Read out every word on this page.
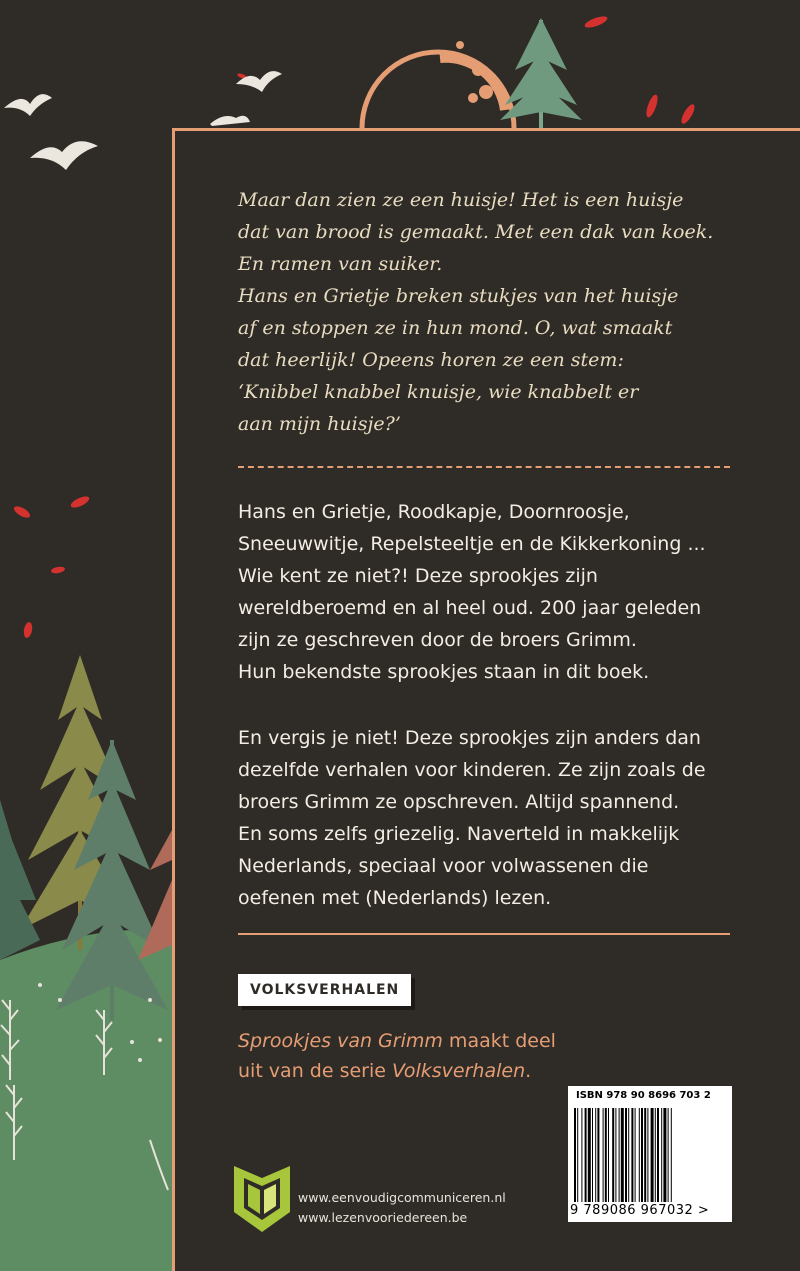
Maar dan zien ze een huisje! Het is een huisje
dat van brood is gemaakt. Met een dak van koek.
En ramen van suiker.
Hans en Grietje breken stukjes van het huisje
af en stoppen ze in hun mond. O, wat smaakt
dat heerlijk! Opeens horen ze een stem:
‘Knibbel knabbel knuisje, wie knabbelt er
aan mijn huisje?’
Hans en Grietje, Roodkapje, Doornroosje,
Sneeuwwitje, Repelsteeltje en de Kikkerkoning ...
Wie kent ze niet?! Deze sprookjes zijn
wereldberoemd en al heel oud. 200 jaar geleden
zijn ze geschreven door de broers Grimm.
Hun bekendste sprookjes staan in dit boek.
En vergis je niet! Deze sprookjes zijn anders dan
dezelfde verhalen voor kinderen. Ze zijn zoals de
broers Grimm ze opschreven. Altijd spannend.
En soms zelfs griezelig. Naverteld in makkelijk
Nederlands, speciaal voor volwassenen die
oefenen met (Nederlands) lezen.
VOLKSVERHALEN
Sprookjes van Grimm maakt deel
uit van de serie Volksverhalen.
ISBN 978 90 8696 703 2
9 789086 967032 >
www.eenvoudigcommuniceren.nl
www.lezenvooriedereen.be
